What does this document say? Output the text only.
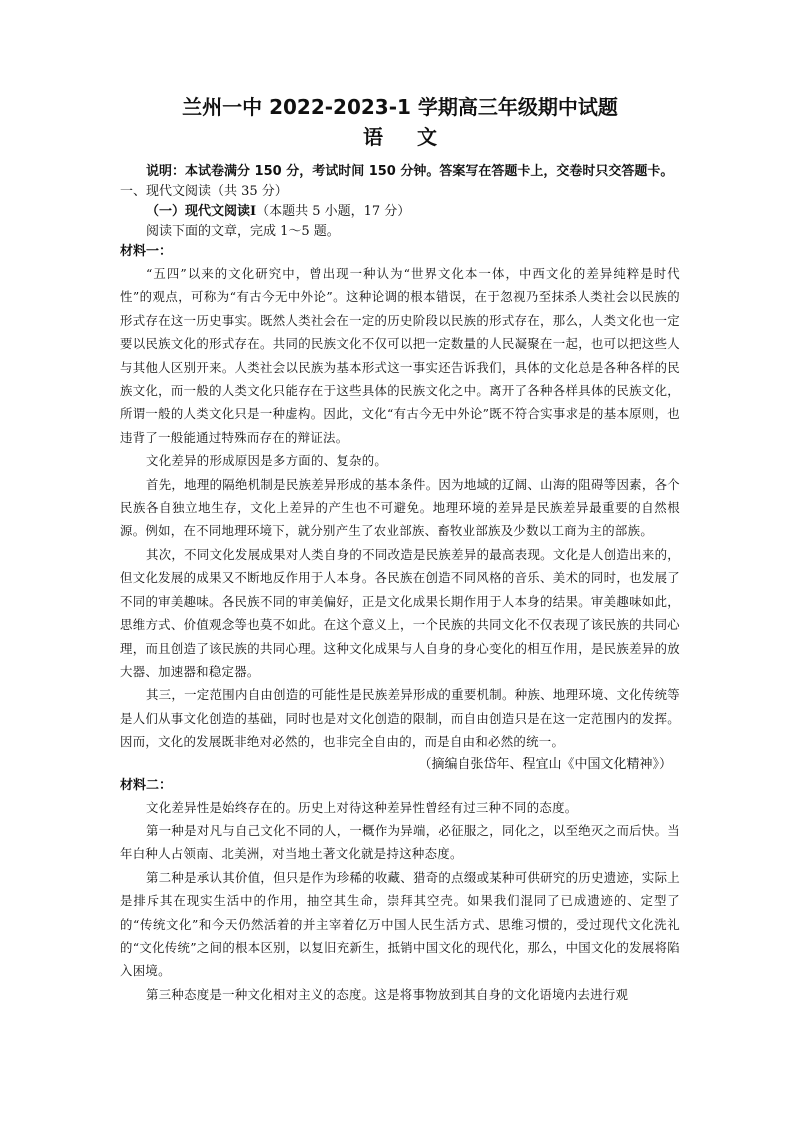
兰州一中 2022-2023-1 学期高三年级期中试题
语文

说明：本试卷满分 150 分，考试时间 150 分钟。答案写在答题卡上，交卷时只交答题卡。

一、现代文阅读（共 35 分）

（一）现代文阅读Ⅰ（本题共 5 小题，17 分）

阅读下面的文章，完成 1～5 题。

材料一：

“五四”以来的文化研究中，曾出现一种认为“世界文化本一体，中西文化的差异纯粹是时代性”的观点，可称为“有古今无中外论”。这种论调的根本错误，在于忽视乃至抹杀人类社会以民族的形式存在这一历史事实。既然人类社会在一定的历史阶段以民族的形式存在，那么，人类文化也一定要以民族文化的形式存在。共同的民族文化不仅可以把一定数量的人民凝聚在一起，也可以把这些人与其他人区别开来。人类社会以民族为基本形式这一事实还告诉我们，具体的文化总是各种各样的民族文化，而一般的人类文化只能存在于这些具体的民族文化之中。离开了各种各样具体的民族文化，所谓一般的人类文化只是一种虚构。因此，文化“有古今无中外论”既不符合实事求是的基本原则，也违背了一般能通过特殊而存在的辩证法。

文化差异的形成原因是多方面的、复杂的。

首先，地理的隔绝机制是民族差异形成的基本条件。因为地域的辽阔、山海的阻碍等因素，各个民族各自独立地生存，文化上差异的产生也不可避免。地理环境的差异是民族差异最重要的自然根源。例如，在不同地理环境下，就分别产生了农业部族、畜牧业部族及少数以工商为主的部族。

其次，不同文化发展成果对人类自身的不同改造是民族差异的最高表现。文化是人创造出来的，但文化发展的成果又不断地反作用于人本身。各民族在创造不同风格的音乐、美术的同时，也发展了不同的审美趣味。各民族不同的审美偏好，正是文化成果长期作用于人本身的结果。审美趣味如此，思维方式、价值观念等也莫不如此。在这个意义上，一个民族的共同文化不仅表现了该民族的共同心理，而且创造了该民族的共同心理。这种文化成果与人自身的身心变化的相互作用，是民族差异的放大器、加速器和稳定器。

其三，一定范围内自由创造的可能性是民族差异形成的重要机制。种族、地理环境、文化传统等是人们从事文化创造的基础，同时也是对文化创造的限制，而自由创造只是在这一定范围内的发挥。因而，文化的发展既非绝对必然的，也非完全自由的，而是自由和必然的统一。

（摘编自张岱年、程宜山《中国文化精神》）

材料二：

文化差异性是始终存在的。历史上对待这种差异性曾经有过三种不同的态度。

第一种是对凡与自己文化不同的人，一概作为异端，必征服之，同化之，以至绝灭之而后快。当年白种人占领南、北美洲，对当地土著文化就是持这种态度。

第二种是承认其价值，但只是作为珍稀的收藏、猎奇的点缀或某种可供研究的历史遗迹，实际上是排斥其在现实生活中的作用，抽空其生命，崇拜其空壳。如果我们混同了已成遗迹的、定型了的“传统文化”和今天仍然活着的并主宰着亿万中国人民生活方式、思维习惯的，受过现代文化洗礼的“文化传统”之间的根本区别，以复旧充新生，抵销中国文化的现代化，那么，中国文化的发展将陷入困境。

第三种态度是一种文化相对主义的态度。这是将事物放到其自身的文化语境内去进行观
